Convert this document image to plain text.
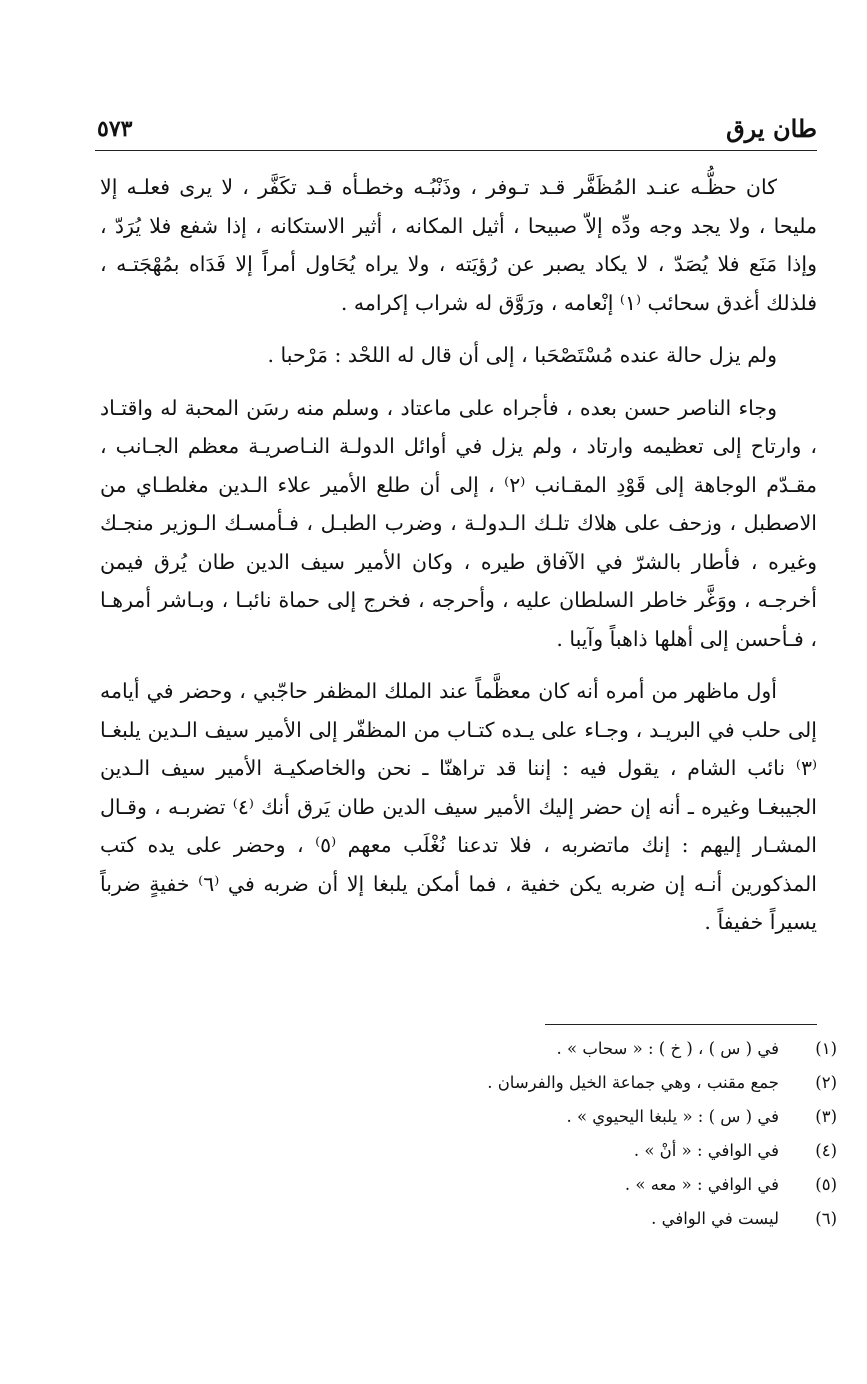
طان يرق
٥٧٣

كان حظُّـه عنـد المُظَفَّر قـد تـوفر ، وذَنْبُـه وخطـأه قـد تكَفَّر ، لا يرى فعلـه إلا مليحا ، ولا يجد وجه ودِّه إلاّ صبيحا ، أثيل المكانه ، أثير الاستكانه ، إذا شفع فلا يُرَدّ ، وإذا مَنَع فلا يُصَدّ ، لا يكاد يصبر عن رُؤيَته ، ولا يراه يُحَاول أمراً إلا فَدَاه بمُهْجَتـه ، فلذلك أغدق سحائب ⁽١⁾ إنْعامه ، ورَوَّق له شراب إكرامه .

ولم يزل حالة عنده مُسْتَصْحَبا ، إلى أن قال له اللحْد : مَرْحبا .

وجاء الناصر حسن بعده ، فأجراه على ماعتاد ، وسلم منه رسَن المحبة له واقتـاد ، وارتاح إلى تعظيمه وارتاد ، ولم يزل في أوائل الدولـة النـاصريـة معظم الجـانب ، مقـدّم الوجاهة إلى قَوْدِ المقـانب ⁽٢⁾ ، إلى أن طلع الأمير علاء الـدين مغلطـاي من الاصطبل ، وزحف على هلاك تلـك الـدولـة ، وضرب الطبـل ، فـأمسـك الـوزير منجـك وغيره ، فأطار بالشرّ في الآفاق طيره ، وكان الأمير سيف الدين طان يُرق فيمن أخرجـه ، ووَغَّر خاطر السلطان عليه ، وأحرجه ، فخرج إلى حماة نائبـا ، وبـاشر أمرهـا ، فـأحسن إلى أهلها ذاهباً وآيبا .

أول ماظهر من أمره أنه كان معظَّماً عند الملك المظفر حاجّبي ، وحضر في أيامه إلى حلب في البريـد ، وجـاء على يـده كتـاب من المظفّر إلى الأمير سيف الـدين يلبغـا ⁽٣⁾ نائب الشام ، يقول فيه : إننا قد تراهنّا ـ نحن والخاصكيـة الأمير سيف الـدين الجيبغـا وغيره ـ أنه إن حضر إليك الأمير سيف الدين طان يَرق أنك ⁽٤⁾ تضربـه ، وقـال المشـار إليهم : إنك ماتضربه ، فلا تدعنا نُغْلَب معهم ⁽٥⁾ ، وحضر على يده كتب المذكورين أنـه إن ضربه يكن خفية ، فما أمكن يلبغا إلا أن ضربه في ⁽٦⁾ خفيةٍ ضرباً يسيراً خفيفاً .

(١)
في ( س ) ، ( خ ) : « سحاب » .
(٢)
جمع مقنب ، وهي جماعة الخيل والفرسان .
(٣)
في ( س ) : « يلبغا اليحيوي » .
(٤)
في الوافي : « أنْ » .
(٥)
في الوافي : « معه » .
(٦)
ليست في الوافي .
